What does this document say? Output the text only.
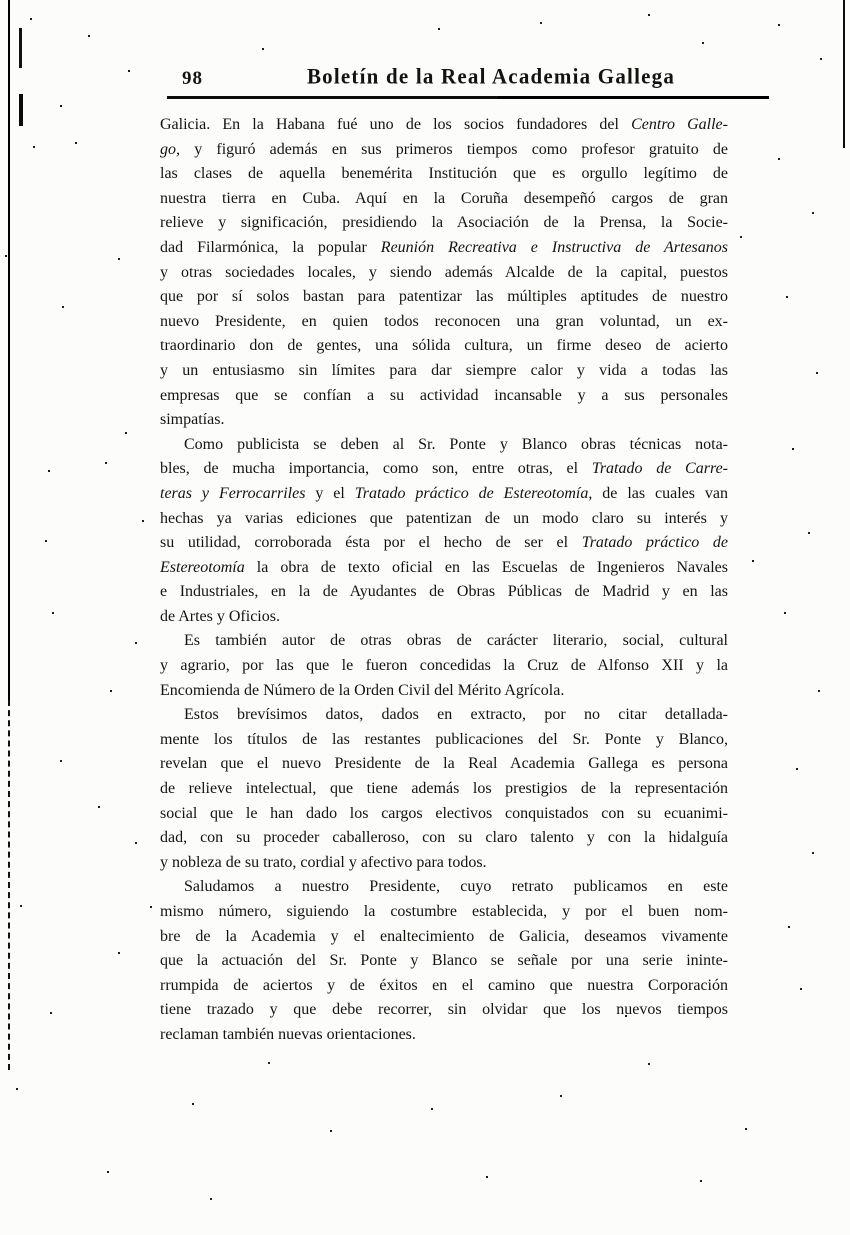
98	Boletín de la Real Academia Gallega
Galicia. En la Habana fué uno de los socios fundadores del Centro Galle-
go, y figuró además en sus primeros tiempos como profesor gratuito de
las clases de aquella benemérita Institución que es orgullo legítimo de
nuestra tierra en Cuba. Aquí en la Coruña desempeñó cargos de gran
relieve y significación, presidiendo la Asociación de la Prensa, la Socie-
dad Filarmónica, la popular Reunión Recreativa e Instructiva de Artesanos
y otras sociedades locales, y siendo además Alcalde de la capital, puestos
que por sí solos bastan para patentizar las múltiples aptitudes de nuestro
nuevo Presidente, en quien todos reconocen una gran voluntad, un ex-
traordinario don de gentes, una sólida cultura, un firme deseo de acierto
y un entusiasmo sin límites para dar siempre calor y vida a todas las
empresas que se confían a su actividad incansable y a sus personales
simpatías.
Como publicista se deben al Sr. Ponte y Blanco obras técnicas nota-
bles, de mucha importancia, como son, entre otras, el Tratado de Carre-
teras y Ferrocarriles y el Tratado práctico de Estereotomía, de las cuales van
hechas ya varias ediciones que patentizan de un modo claro su interés y
su utilidad, corroborada ésta por el hecho de ser el Tratado práctico de
Estereotomía la obra de texto oficial en las Escuelas de Ingenieros Navales
e Industriales, en la de Ayudantes de Obras Públicas de Madrid y en las
de Artes y Oficios.
Es también autor de otras obras de carácter literario, social, cultural
y agrario, por las que le fueron concedidas la Cruz de Alfonso XII y la
Encomienda de Número de la Orden Civil del Mérito Agrícola.
Estos brevísimos datos, dados en extracto, por no citar detallada-
mente los títulos de las restantes publicaciones del Sr. Ponte y Blanco,
revelan que el nuevo Presidente de la Real Academia Gallega es persona
de relieve intelectual, que tiene además los prestigios de la representación
social que le han dado los cargos electivos conquistados con su ecuanimi-
dad, con su proceder caballeroso, con su claro talento y con la hidalguía
y nobleza de su trato, cordial y afectivo para todos.
Saludamos a nuestro Presidente, cuyo retrato publicamos en este
mismo número, siguiendo la costumbre establecida, y por el buen nom-
bre de la Academia y el enaltecimiento de Galicia, deseamos vivamente
que la actuación del Sr. Ponte y Blanco se señale por una serie ininte-
rrumpida de aciertos y de éxitos en el camino que nuestra Corporación
tiene trazado y que debe recorrer, sin olvidar que los nuevos tiempos
reclaman también nuevas orientaciones.
